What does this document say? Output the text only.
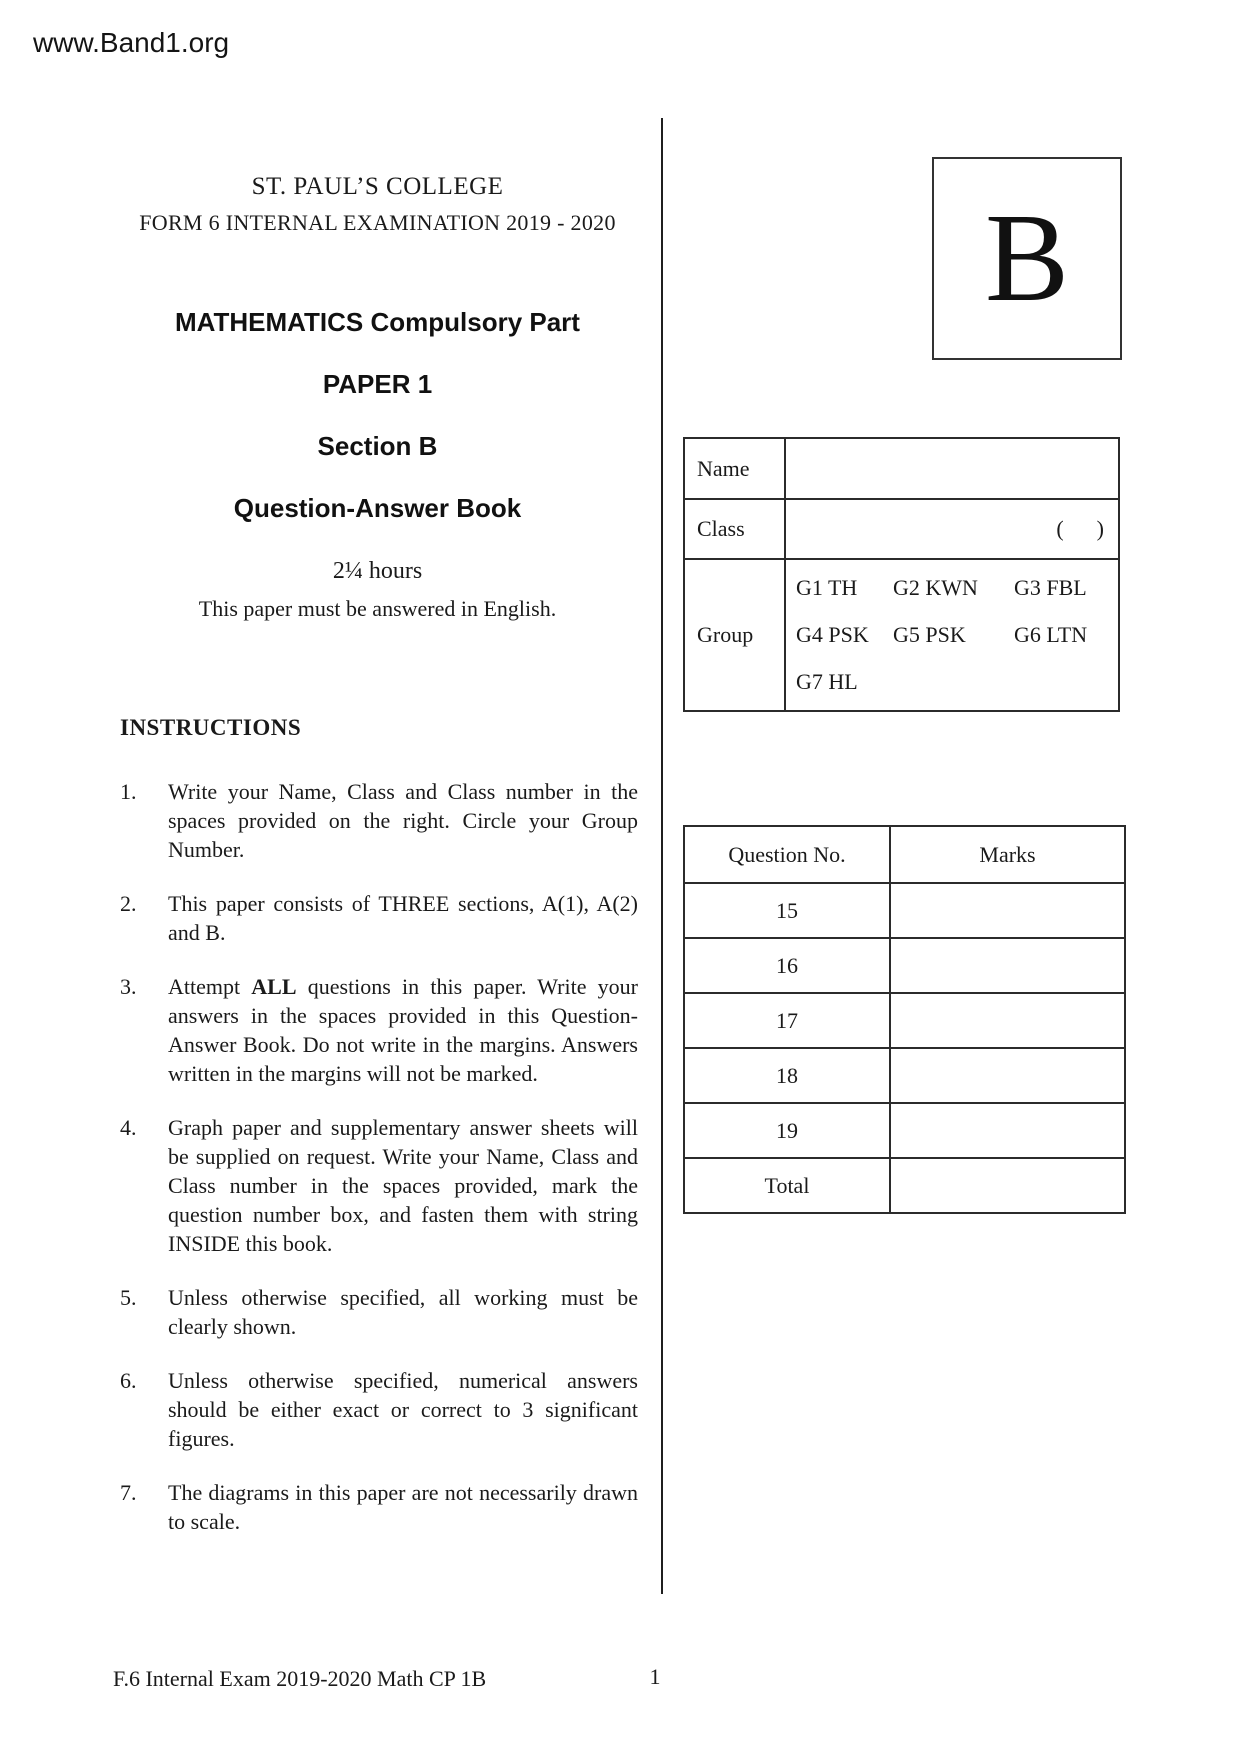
www.Band1.org
ST. PAUL’S COLLEGE
FORM 6 INTERNAL EXAMINATION 2019 - 2020
MATHEMATICS Compulsory Part
PAPER 1
Section B
Question-Answer Book
2¼ hours
This paper must be answered in English.
B
Name	
Class	(      )
Group	
G1 TH	G2 KWN	G3 FBL
G4 PSK	G5 PSK	G6 LTN
G7 HL
INSTRUCTIONS
1.	Write your Name, Class and Class number in the spaces provided on the right. Circle your Group Number.
2.	This paper consists of THREE sections, A(1), A(2) and B.
3.	Attempt ALL questions in this paper. Write your answers in the spaces provided in this Question-Answer Book. Do not write in the margins. Answers written in the margins will not be marked.
4.	Graph paper and supplementary answer sheets will be supplied on request. Write your Name, Class and Class number in the spaces provided, mark the question number box, and fasten them with string INSIDE this book.
5.	Unless otherwise specified, all working must be clearly shown.
6.	Unless otherwise specified, numerical answers should be either exact or correct to 3 significant figures.
7.	The diagrams in this paper are not necessarily drawn to scale.
Question No.	Marks
15	
16	
17	
18	
19	
Total	
F.6 Internal Exam 2019-2020 Math CP 1B	1
